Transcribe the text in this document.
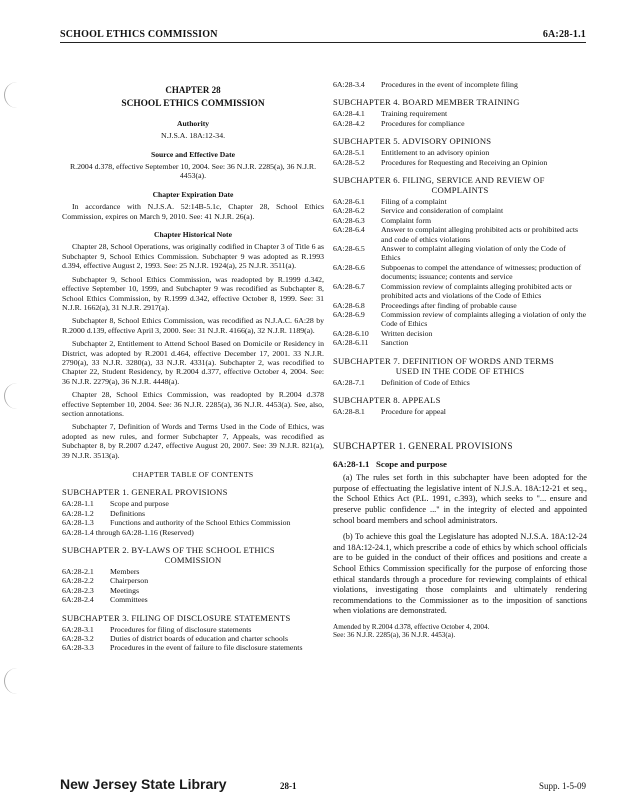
SCHOOL ETHICS COMMISSION	6A:28-1.1
CHAPTER 28
SCHOOL ETHICS COMMISSION
Authority
N.J.S.A. 18A:12-34.
Source and Effective Date
R.2004 d.378, effective September 10, 2004. See: 36 N.J.R. 2285(a), 36 N.J.R. 4453(a).
Chapter Expiration Date

In accordance with N.J.S.A. 52:14B-5.1c, Chapter 28, School Ethics Commission, expires on March 9, 2010. See: 41 N.J.R. 26(a).

Chapter Historical Note

Chapter 28, School Operations, was originally codified in Chapter 3 of Title 6 as Subchapter 9, School Ethics Commission. Subchapter 9 was adopted as R.1993 d.394, effective August 2, 1993. See: 25 N.J.R. 1924(a), 25 N.J.R. 3511(a).

Subchapter 9, School Ethics Commission, was readopted by R.1999 d.342, effective September 10, 1999, and Subchapter 9 was recodified as Subchapter 8, School Ethics Commission, by R.1999 d.342, effective October 8, 1999. See: 31 N.J.R. 1662(a), 31 N.J.R. 2917(a).

Subchapter 8, School Ethics Commission, was recodified as N.J.A.C. 6A:28 by R.2000 d.139, effective April 3, 2000. See: 31 N.J.R. 4166(a), 32 N.J.R. 1189(a).

Subchapter 2, Entitlement to Attend School Based on Domicile or Residency in District, was adopted by R.2001 d.464, effective December 17, 2001. 33 N.J.R. 2790(a), 33 N.J.R. 3280(a), 33 N.J.R. 4331(a). Subchapter 2, was recodified to Chapter 22, Student Residency, by R.2004 d.377, effective October 4, 2004. See: 36 N.J.R. 2279(a), 36 N.J.R. 4448(a).

Chapter 28, School Ethics Commission, was readopted by R.2004 d.378 effective September 10, 2004. See: 36 N.J.R. 2285(a), 36 N.J.R. 4453(a). See, also, section annotations.

Subchapter 7, Definition of Words and Terms Used in the Code of Ethics, was adopted as new rules, and former Subchapter 7, Appeals, was recodified as Subchapter 8, by R.2007 d.247, effective August 20, 2007. See: 39 N.J.R. 821(a), 39 N.J.R. 3513(a).

CHAPTER TABLE OF CONTENTS
SUBCHAPTER 1. GENERAL PROVISIONS
6A:28-1.1	Scope and purpose
6A:28-1.2	Definitions
6A:28-1.3	Functions and authority of the School Ethics Commission
6A:28-1.4 through 6A:28-1.16 (Reserved)
SUBCHAPTER 2. BY-LAWS OF THE SCHOOL ETHICS
COMMISSION
6A:28-2.1	Members
6A:28-2.2	Chairperson
6A:28-2.3	Meetings
6A:28-2.4	Committees
SUBCHAPTER 3. FILING OF DISCLOSURE STATEMENTS
6A:28-3.1	Procedures for filing of disclosure statements
6A:28-3.2	Duties of district boards of education and charter schools
6A:28-3.3	Procedures in the event of failure to file disclosure statements
6A:28-3.4	Procedures in the event of incomplete filing
SUBCHAPTER 4. BOARD MEMBER TRAINING
6A:28-4.1	Training requirement
6A:28-4.2	Procedures for compliance
SUBCHAPTER 5. ADVISORY OPINIONS
6A:28-5.1	Entitlement to an advisory opinion
6A:28-5.2	Procedures for Requesting and Receiving an Opinion
SUBCHAPTER 6. FILING, SERVICE AND REVIEW OF
COMPLAINTS
6A:28-6.1	Filing of a complaint
6A:28-6.2	Service and consideration of complaint
6A:28-6.3	Complaint form
6A:28-6.4	Answer to complaint alleging prohibited acts or prohibited acts and code of ethics violations
6A:28-6.5	Answer to complaint alleging violation of only the Code of Ethics
6A:28-6.6	Subpoenas to compel the attendance of witnesses; production of documents; issuance; contents and service
6A:28-6.7	Commission review of complaints alleging prohibited acts or prohibited acts and violations of the Code of Ethics
6A:28-6.8	Proceedings after finding of probable cause
6A:28-6.9	Commission review of complaints alleging a violation of only the Code of Ethics
6A:28-6.10	Written decision
6A:28-6.11	Sanction
SUBCHAPTER 7. DEFINITION OF WORDS AND TERMS
USED IN THE CODE OF ETHICS
6A:28-7.1	Definition of Code of Ethics
SUBCHAPTER 8. APPEALS
6A:28-8.1	Procedure for appeal
SUBCHAPTER 1. GENERAL PROVISIONS
6A:28-1.1 Scope and purpose

(a) The rules set forth in this subchapter have been adopted for the purpose of effectuating the legislative intent of N.J.S.A. 18A:12-21 et seq., the School Ethics Act (P.L. 1991, c.393), which seeks to "... ensure and preserve public confidence ..." in the integrity of elected and appointed school board members and school administrators.

(b) To achieve this goal the Legislature has adopted N.J.S.A. 18A:12-24 and 18A:12-24.1, which prescribe a code of ethics by which school officials are to be guided in the conduct of their offices and positions and create a School Ethics Commission specifically for the purpose of enforcing those ethical standards through a procedure for reviewing complaints of ethical violations, investigating those complaints and ultimately rendering recommendations to the Commissioner as to the imposition of sanctions when violations are demonstrated.

Amended by R.2004 d.378, effective October 4, 2004.
See: 36 N.J.R. 2285(a), 36 N.J.R. 4453(a).
New Jersey State Library	28-1	Supp. 1-5-09
